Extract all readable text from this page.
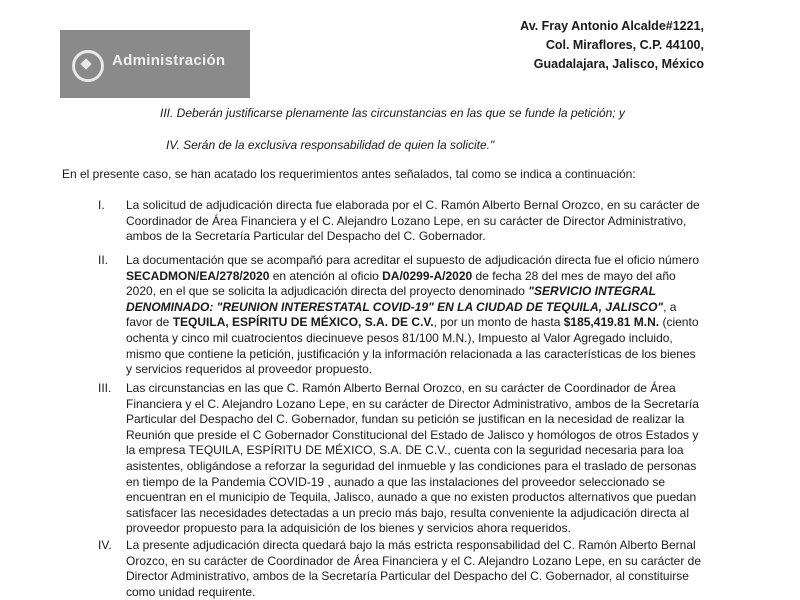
Administración
Av. Fray Antonio Alcalde#1221,
Col. Miraflores, C.P. 44100,
Guadalajara, Jalisco, México
III. Deberán justificarse plenamente las circunstancias en las que se funde la petición; y
IV. Serán de la exclusiva responsabilidad de quien la solicite."
En el presente caso, se han acatado los requerimientos antes señalados, tal como se indica a continuación:
I. La solicitud de adjudicación directa fue elaborada por el C. Ramón Alberto Bernal Orozco, en su carácter de
Coordinador de Área Financiera y el C. Alejandro Lozano Lepe, en su carácter de Director Administrativo,
ambos de la Secretaría Particular del Despacho del C. Gobernador.
II. La documentación que se acompañó para acreditar el supuesto de adjudicación directa fue el oficio número
SECADMON/EA/278/2020 en atención al oficio DA/0299-A/2020 de fecha 28 del mes de mayo del año
2020, en el que se solicita la adjudicación directa del proyecto denominado "SERVICIO INTEGRAL
DENOMINADO: "REUNION INTERESTATAL COVID-19" EN LA CIUDAD DE TEQUILA, JALISCO", a
favor de TEQUILA, ESPÍRITU DE MÉXICO, S.A. DE C.V., por un monto de hasta $185,419.81 M.N. (ciento
ochenta y cinco mil cuatrocientos diecinueve pesos 81/100 M.N.), Impuesto al Valor Agregado incluido,
mismo que contiene la petición, justificación y la información relacionada a las características de los bienes
y servicios requeridos al proveedor propuesto.
III. Las circunstancias en las que C. Ramón Alberto Bernal Orozco, en su carácter de Coordinador de Área
Financiera y el C. Alejandro Lozano Lepe, en su carácter de Director Administrativo, ambos de la Secretaría
Particular del Despacho del C. Gobernador, fundan su petición se justifican en la necesidad de realizar la
Reunión que preside el C Gobernador Constitucional del Estado de Jalisco y homólogos de otros Estados y
la empresa TEQUILA, ESPÍRITU DE MÉXICO, S.A. DE C.V., cuenta con la seguridad necesaria para loa
asistentes, obligándose a reforzar la seguridad del inmueble y las condiciones para el traslado de personas
en tiempo de la Pandemia COVID-19 , aunado a que las instalaciones del proveedor seleccionado se
encuentran en el municipio de Tequila, Jalisco, aunado a que no existen productos alternativos que puedan
satisfacer las necesidades detectadas a un precio más bajo, resulta conveniente la adjudicación directa al
proveedor propuesto para la adquisición de los bienes y servicios ahora requeridos.
IV. La presente adjudicación directa quedará bajo la más estricta responsabilidad del C. Ramón Alberto Bernal
Orozco, en su carácter de Coordinador de Área Financiera y el C. Alejandro Lozano Lepe, en su carácter de
Director Administrativo, ambos de la Secretaría Particular del Despacho del C. Gobernador, al constituirse
como unidad requirente.
